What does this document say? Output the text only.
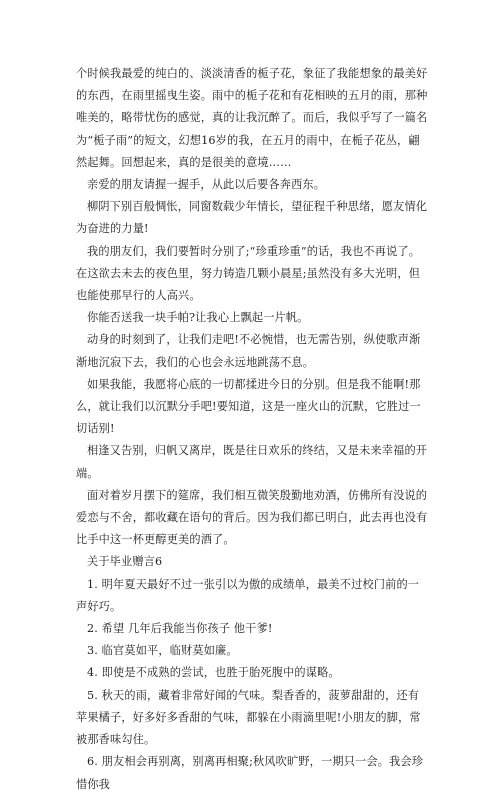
个时候我最爱的纯白的、淡淡清香的栀子花，象征了我能想象的最美好的东西，在雨里摇曳生姿。雨中的栀子花和有花相映的五月的雨，那种唯美的，略带忧伤的感觉，真的让我沉醉了。而后，我似乎写了一篇名为“栀子雨”的短文，幻想16岁的我，在五月的雨中，在栀子花丛，翩然起舞。回想起来，真的是很美的意境……

亲爱的朋友请握一握手，从此以后要各奔西东。

柳阴下别百般惆怅，同窗数载少年情长，望征程千种思绪，愿友情化为奋进的力量!

我的朋友们，我们要暂时分别了;“珍重珍重”的话，我也不再说了。在这欲去未去的夜色里，努力铸造几颗小晨星;虽然没有多大光明，但也能使那早行的人高兴。

你能否送我一块手帕?让我心上飘起一片帆。

动身的时刻到了，让我们走吧!不必惋惜，也无需告别，纵使歌声渐渐地沉寂下去，我们的心也会永远地跳荡不息。

如果我能，我愿将心底的一切都揉进今日的分别。但是我不能啊!那么，就让我们以沉默分手吧!要知道，这是一座火山的沉默，它胜过一切话别!

相逢又告别，归帆又离岸，既是往日欢乐的终结，又是未来幸福的开端。

面对着岁月摆下的筵席，我们相互微笑殷勤地劝酒，仿佛所有没说的爱恋与不舍，都收藏在语句的背后。因为我们都已明白，此去再也没有比手中这一杯更醇更美的酒了。

关于毕业赠言6

1. 明年夏天最好不过一张引以为傲的成绩单，最美不过校门前的一声好巧。

2. 希望 几年后我能当你孩子 他干爹!

3. 临官莫如平，临财莫如廉。

4. 即使是不成熟的尝试，也胜于胎死腹中的谋略。

5. 秋天的雨，藏着非常好闻的气味。梨香香的，菠萝甜甜的，还有苹果橘子，好多好多香甜的气味，都躲在小雨滴里呢!小朋友的脚，常被那香味勾住。

6. 朋友相会再别离，别离再相聚;秋风吹旷野，一期只一会。我会珍惜你我
